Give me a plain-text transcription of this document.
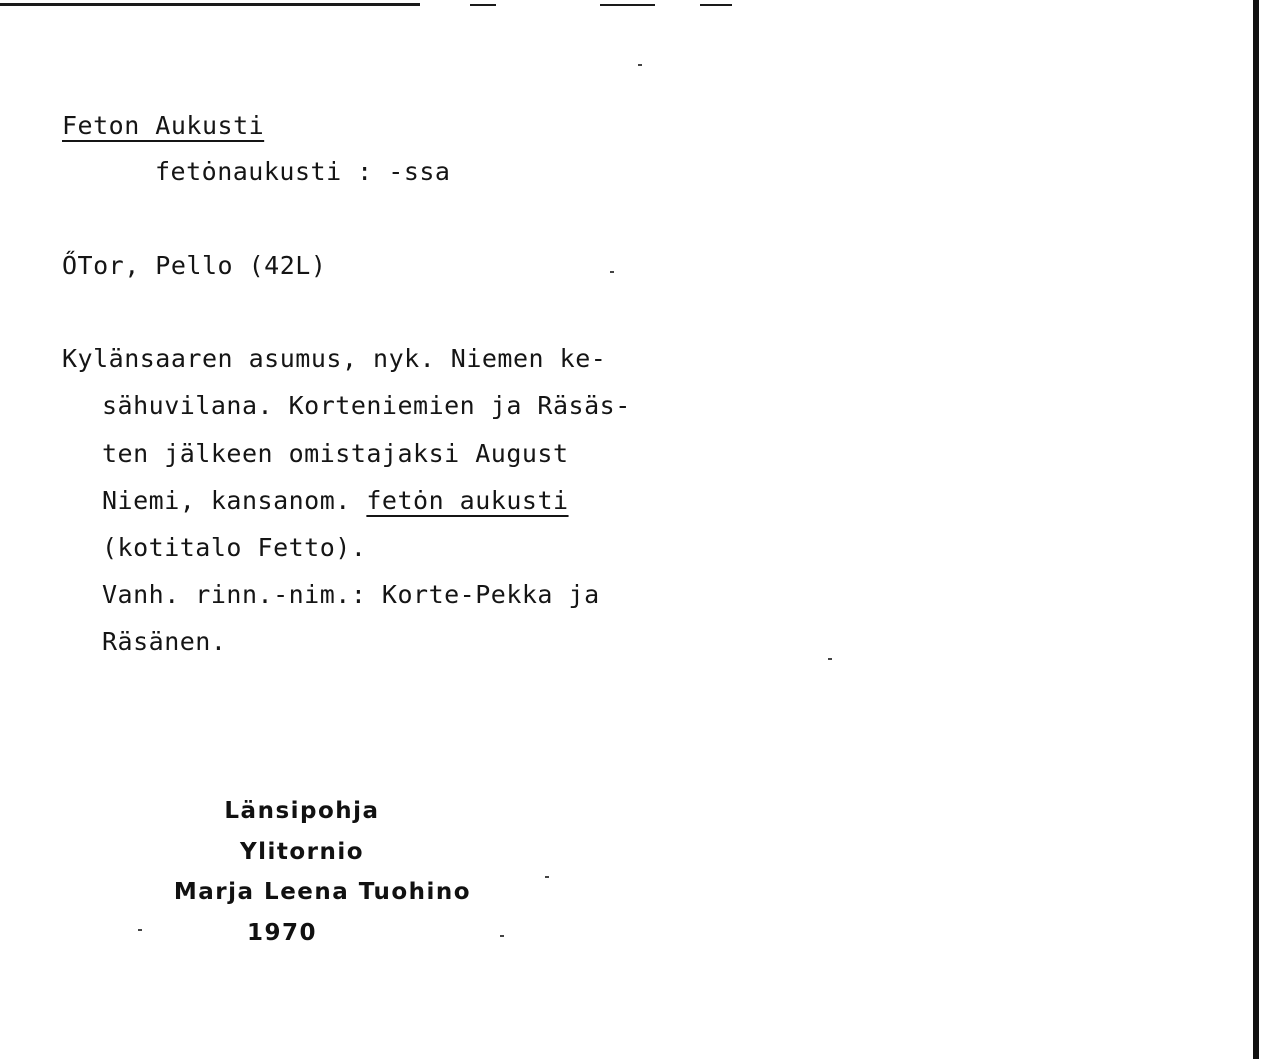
Feton Aukusti
fetȯnaukusti : -ssa
ŐTor, Pello (42L)
Kylänsaaren asumus, nyk. Niemen ke-
sähuvilana. Korteniemien ja Räsäs-
ten jälkeen omistajaksi August
Niemi, kansanom. fetȯn aukusti
(kotitalo Fetto).
Vanh. rinn.-nim.: Korte-Pekka ja
Räsänen.
Länsipohja
Ylitornio
Marja Leena Tuohino
1970
